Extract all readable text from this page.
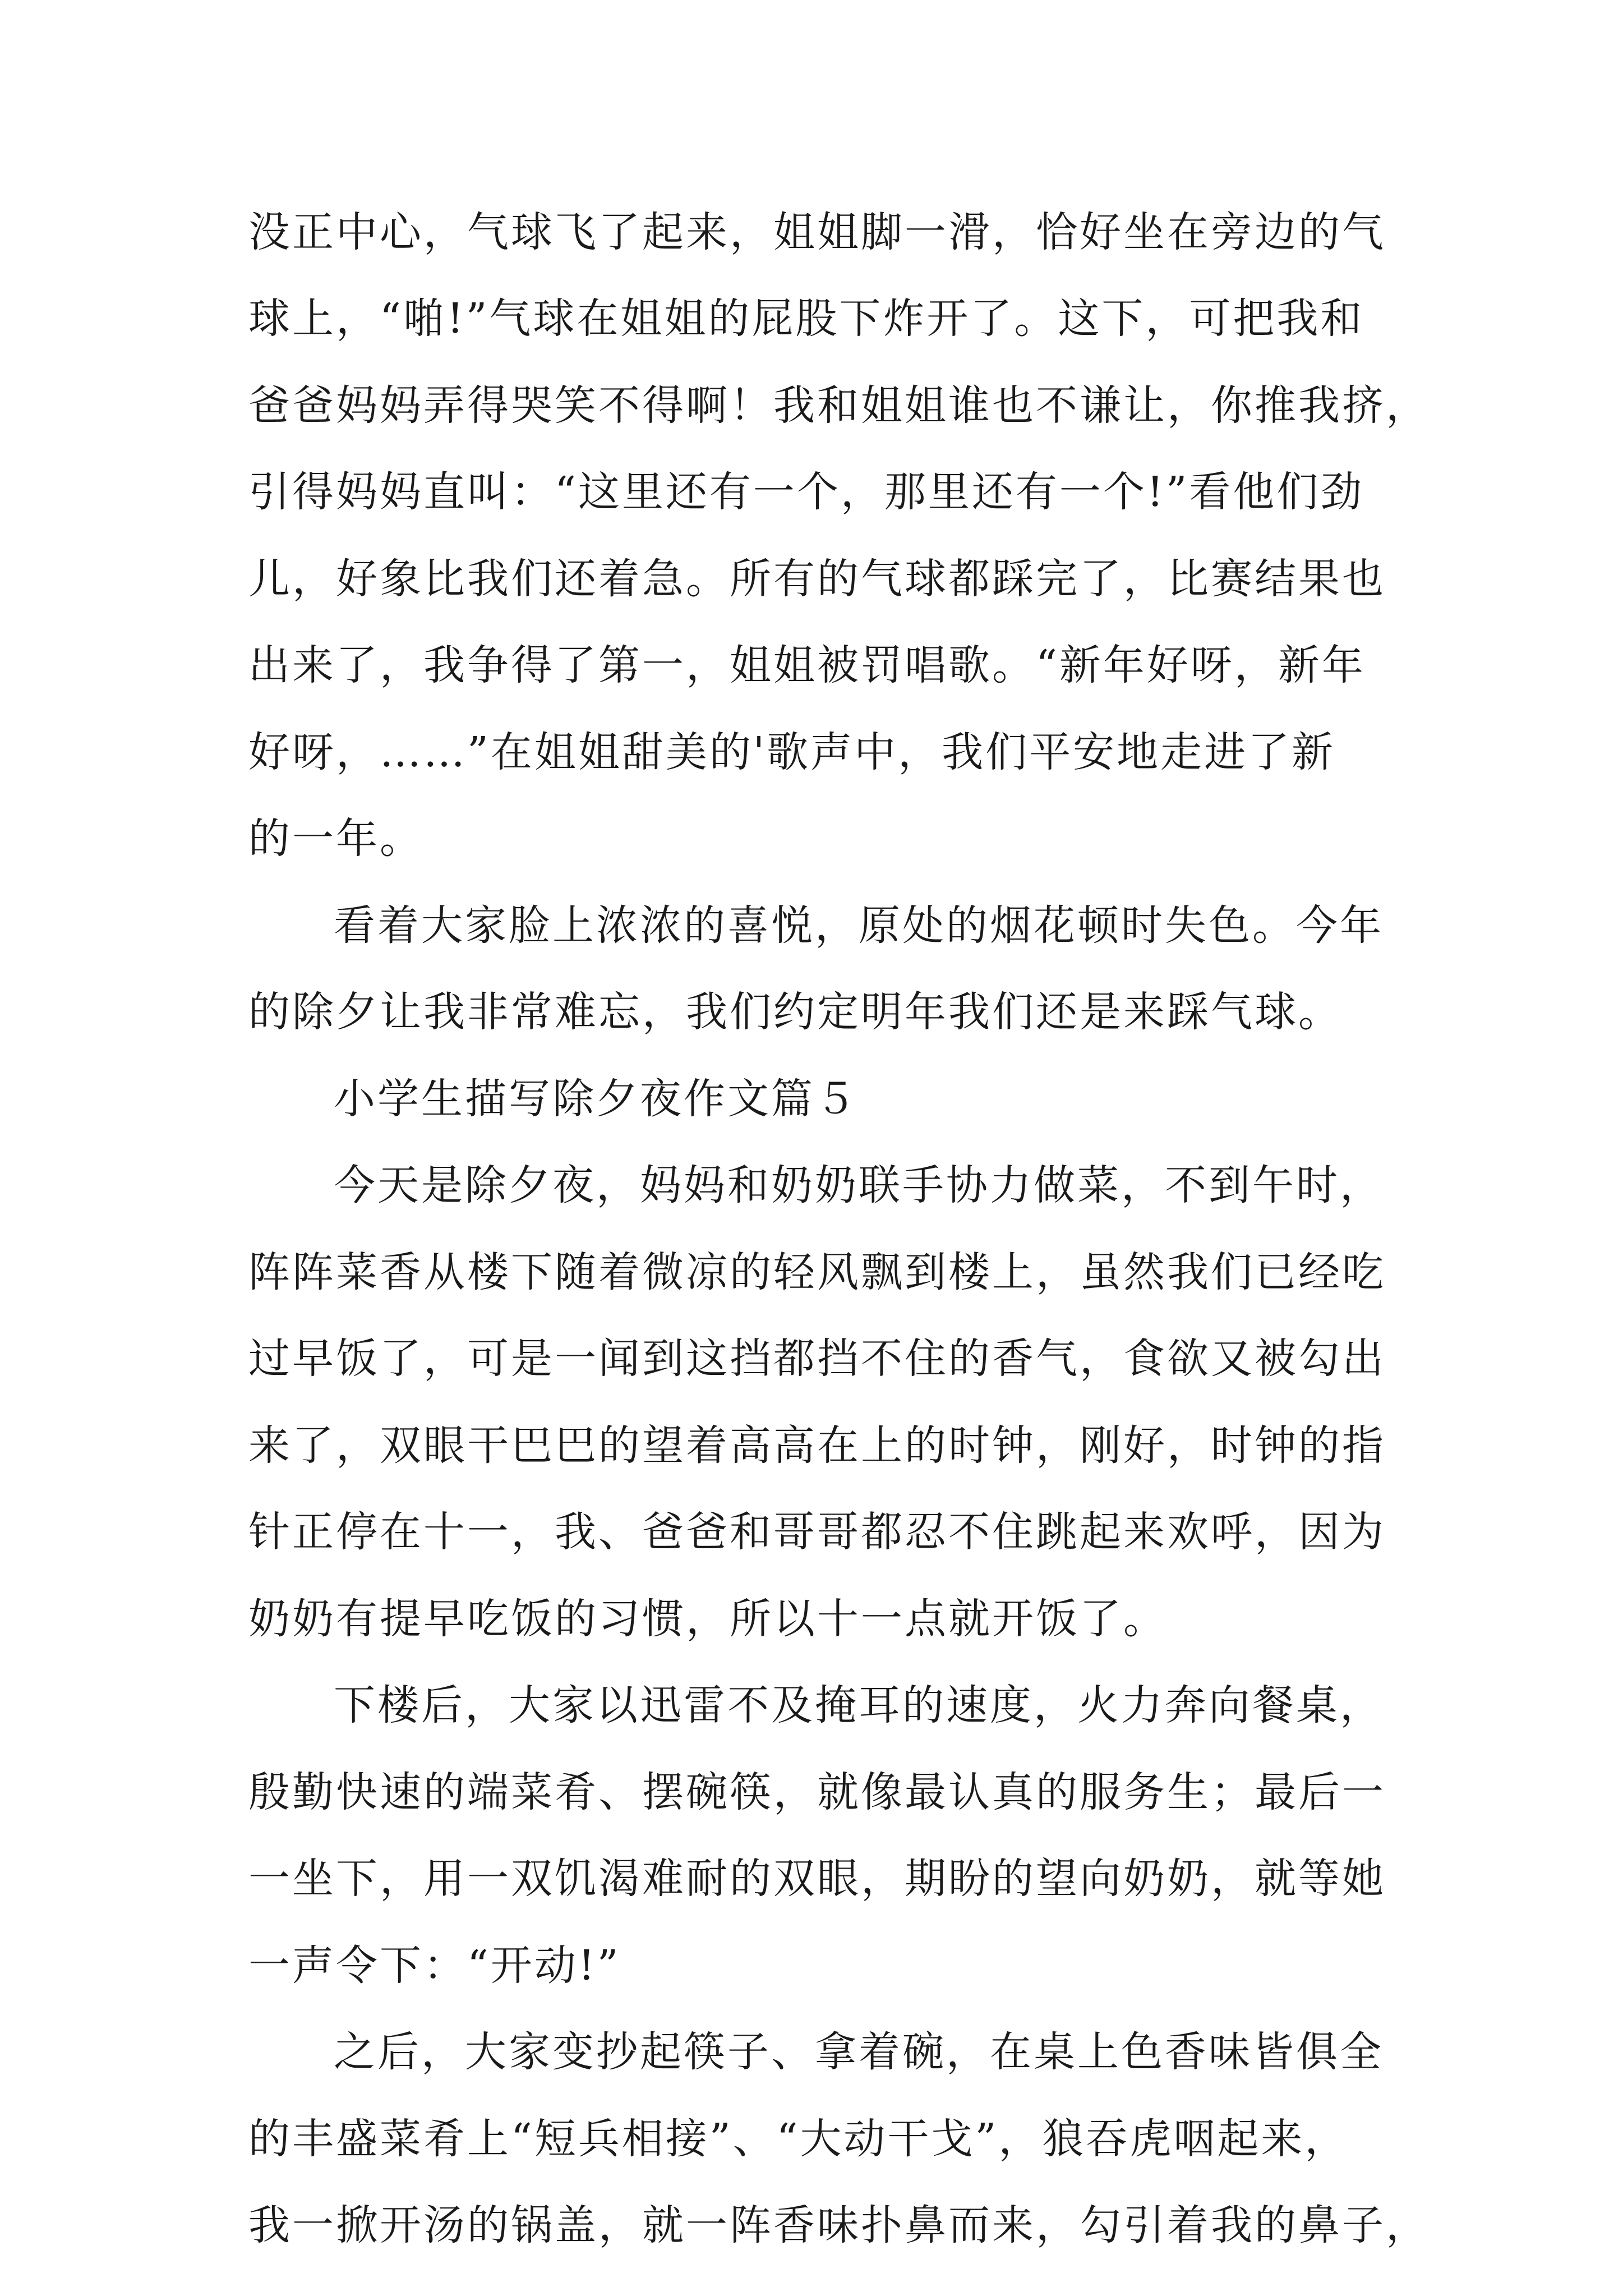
没正中心，气球飞了起来，姐姐脚一滑，恰好坐在旁边的气
球上，“啪!”气球在姐姐的屁股下炸开了。这下，可把我和
爸爸妈妈弄得哭笑不得啊！我和姐姐谁也不谦让，你推我挤，
引得妈妈直叫：“这里还有一个，那里还有一个!”看他们劲
儿，好象比我们还着急。所有的气球都踩完了，比赛结果也
出来了，我争得了第一，姐姐被罚唱歌。“新年好呀，新年
好呀，……”在姐姐甜美的'歌声中，我们平安地走进了新
的一年。
看着大家脸上浓浓的喜悦，原处的烟花顿时失色。今年
的除夕让我非常难忘，我们约定明年我们还是来踩气球。
小学生描写除夕夜作文篇５
今天是除夕夜，妈妈和奶奶联手协力做菜，不到午时，
阵阵菜香从楼下随着微凉的轻风飘到楼上，虽然我们已经吃
过早饭了，可是一闻到这挡都挡不住的香气，食欲又被勾出
来了，双眼干巴巴的望着高高在上的时钟，刚好，时钟的指
针正停在十一，我、爸爸和哥哥都忍不住跳起来欢呼，因为
奶奶有提早吃饭的习惯，所以十一点就开饭了。
下楼后，大家以迅雷不及掩耳的速度，火力奔向餐桌，
殷勤快速的端菜肴、摆碗筷，就像最认真的服务生；最后一
一坐下，用一双饥渴难耐的双眼，期盼的望向奶奶，就等她
一声令下：“开动!”
之后，大家变抄起筷子、拿着碗，在桌上色香味皆俱全
的丰盛菜肴上“短兵相接”、“大动干戈”，狼吞虎咽起来，
我一掀开汤的锅盖，就一阵香味扑鼻而来，勾引着我的鼻子，
